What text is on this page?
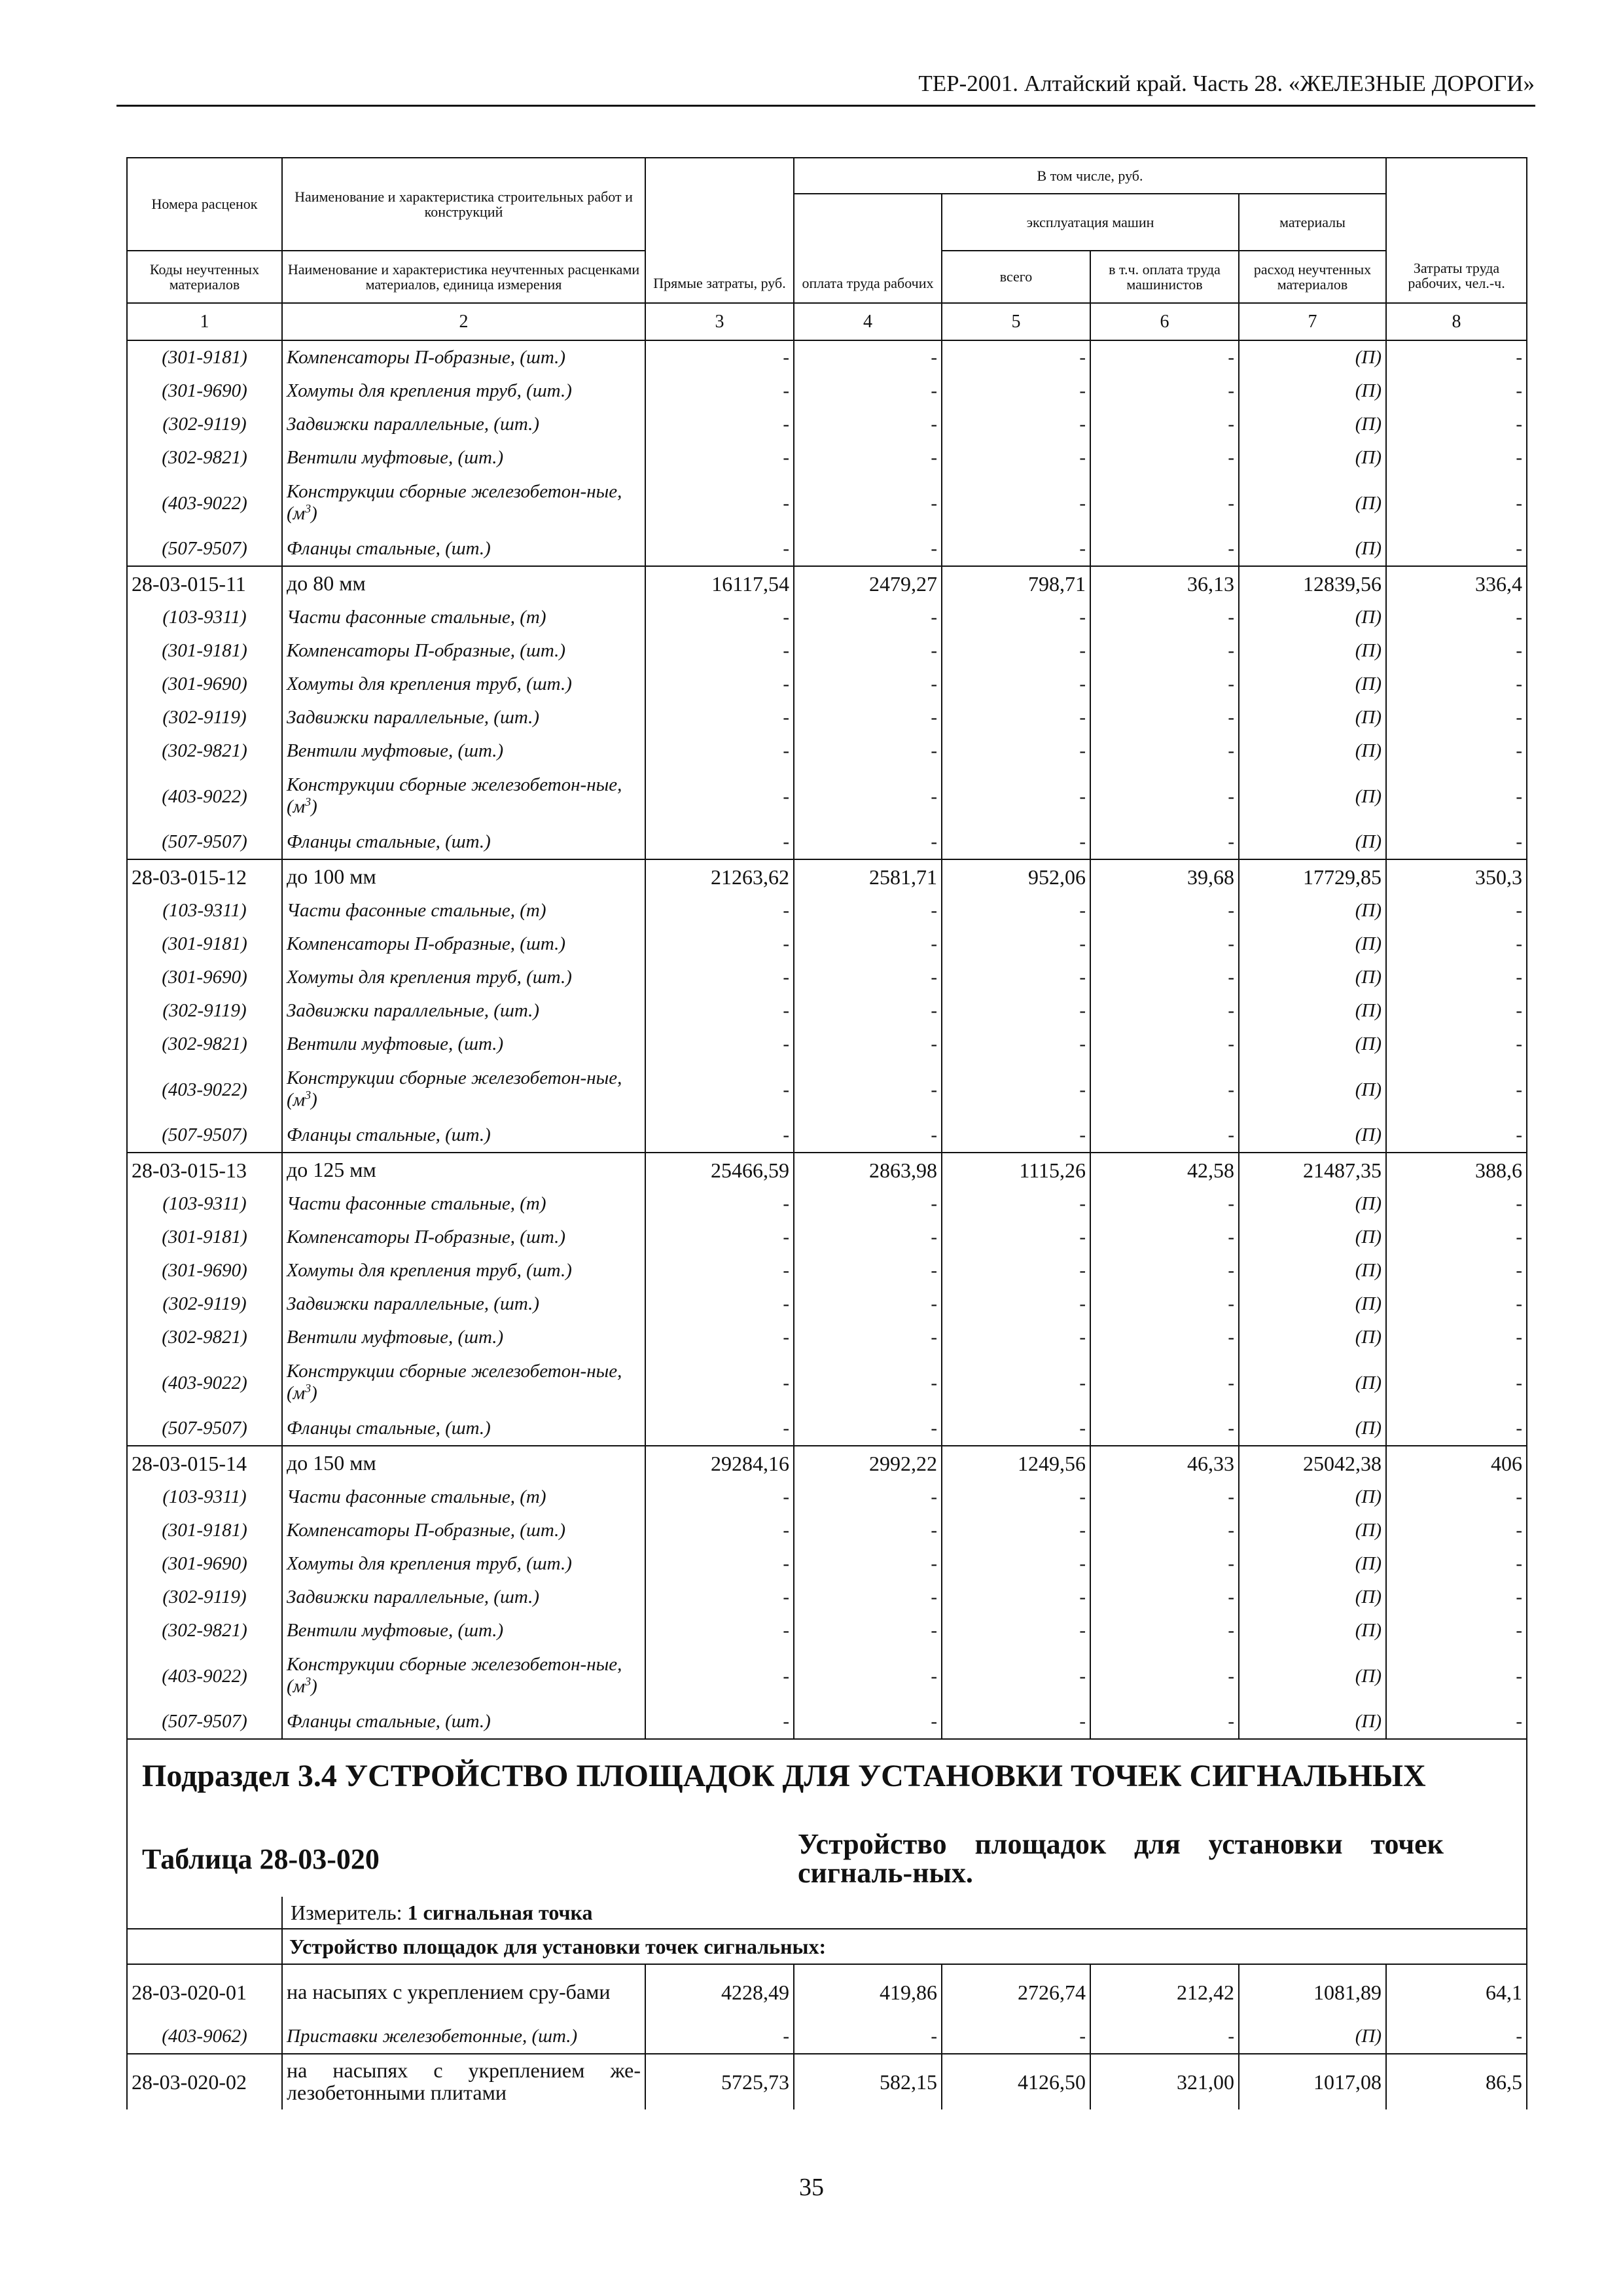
ТЕР-2001. Алтайский край. Часть 28. «ЖЕЛЕЗНЫЕ ДОРОГИ»
Номера расценок	Наименование и характеристика строительных работ и конструкций	Прямые затраты, руб.	В том числе, руб.				Затраты труда рабочих, чел.-ч.
			оплата труда рабочих	эксплуатация машин		материалы	
Коды неучтенных материалов	Наименование и характеристика неучтенных расценками материалов, единица измерения			всего	в т.ч. оплата труда машинистов	расход неучтенных материалов	
1	2	3	4	5	6	7	8
(301-9181)	Компенсаторы П-образные, (шт.)	-	-	-	-	(П)	-
(301-9690)	Хомуты для крепления труб, (шт.)	-	-	-	-	(П)	-
(302-9119)	Задвижки параллельные, (шт.)	-	-	-	-	(П)	-
(302-9821)	Вентили муфтовые, (шт.)	-	-	-	-	(П)	-
(403-9022)	Конструкции сборные железобетон-ные, $(м^3)$	-	-	-	-	(П)	-
(507-9507)	Фланцы стальные, (шт.)	-	-	-	-	(П)	-
28-03-015-11	до 80 мм	16117,54	2479,27	798,71	36,13	12839,56	336,4
(103-9311)	Части фасонные стальные, (т)	-	-	-	-	(П)	-
(301-9181)	Компенсаторы П-образные, (шт.)	-	-	-	-	(П)	-
(301-9690)	Хомуты для крепления труб, (шт.)	-	-	-	-	(П)	-
(302-9119)	Задвижки параллельные, (шт.)	-	-	-	-	(П)	-
(302-9821)	Вентили муфтовые, (шт.)	-	-	-	-	(П)	-
(403-9022)	Конструкции сборные железобетон-ные, $(м^3)$	-	-	-	-	(П)	-
(507-9507)	Фланцы стальные, (шт.)	-	-	-	-	(П)	-
28-03-015-12	до 100 мм	21263,62	2581,71	952,06	39,68	17729,85	350,3
(103-9311)	Части фасонные стальные, (т)	-	-	-	-	(П)	-
(301-9181)	Компенсаторы П-образные, (шт.)	-	-	-	-	(П)	-
(301-9690)	Хомуты для крепления труб, (шт.)	-	-	-	-	(П)	-
(302-9119)	Задвижки параллельные, (шт.)	-	-	-	-	(П)	-
(302-9821)	Вентили муфтовые, (шт.)	-	-	-	-	(П)	-
(403-9022)	Конструкции сборные железобетон-ные, $(м^3)$	-	-	-	-	(П)	-
(507-9507)	Фланцы стальные, (шт.)	-	-	-	-	(П)	-
28-03-015-13	до 125 мм	25466,59	2863,98	1115,26	42,58	21487,35	388,6
(103-9311)	Части фасонные стальные, (т)	-	-	-	-	(П)	-
(301-9181)	Компенсаторы П-образные, (шт.)	-	-	-	-	(П)	-
(301-9690)	Хомуты для крепления труб, (шт.)	-	-	-	-	(П)	-
(302-9119)	Задвижки параллельные, (шт.)	-	-	-	-	(П)	-
(302-9821)	Вентили муфтовые, (шт.)	-	-	-	-	(П)	-
(403-9022)	Конструкции сборные железобетон-ные, $(м^3)$	-	-	-	-	(П)	-
(507-9507)	Фланцы стальные, (шт.)	-	-	-	-	(П)	-
28-03-015-14	до 150 мм	29284,16	2992,22	1249,56	46,33	25042,38	406
(103-9311)	Части фасонные стальные, (т)	-	-	-	-	(П)	-
(301-9181)	Компенсаторы П-образные, (шт.)	-	-	-	-	(П)	-
(301-9690)	Хомуты для крепления труб, (шт.)	-	-	-	-	(П)	-
(302-9119)	Задвижки параллельные, (шт.)	-	-	-	-	(П)	-
(302-9821)	Вентили муфтовые, (шт.)	-	-	-	-	(П)	-
(403-9022)	Конструкции сборные железобетон-ные, $(м^3)$	-	-	-	-	(П)	-
(507-9507)	Фланцы стальные, (шт.)	-	-	-	-	(П)	-
Подраздел 3.4 УСТРОЙСТВО ПЛОЩАДОК ДЛЯ УСТАНОВКИ ТОЧЕК СИГНАЛЬНЫХ							

Таблица 28-03-020			Устройство площадок для установки точек сигналь-ных.				

	Измеритель: 1 сигнальная точка						
	Устройство площадок для установки точек сигнальных:						
28-03-020-01	на насыпях с укреплением сру-бами	4228,49	419,86	2726,74	212,42	1081,89	64,1
(403-9062)	Приставки железобетонные, (шт.)	-	-	-	-	(П)	-
28-03-020-02	на насыпях с укреплением же-лезобетонными плитами	5725,73	582,15	4126,50	321,00	1017,08	86,5
35
